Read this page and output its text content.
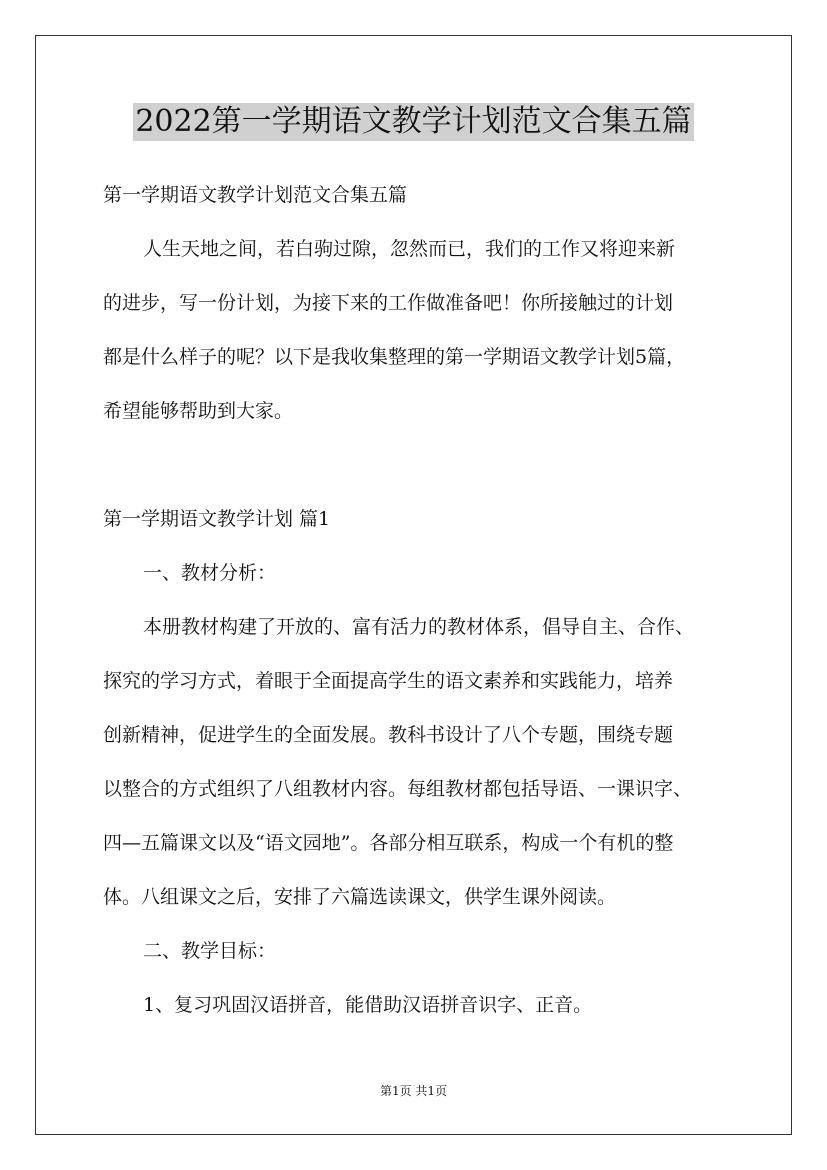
2022第一学期语文教学计划范文合集五篇
第一学期语文教学计划范文合集五篇
人生天地之间，若白驹过隙，忽然而已，我们的工作又将迎来新
的进步，写一份计划，为接下来的工作做准备吧！你所接触过的计划
都是什么样子的呢？以下是我收集整理的第一学期语文教学计划5篇，
希望能够帮助到大家。
第一学期语文教学计划 篇1
一、教材分析：
本册教材构建了开放的、富有活力的教材体系，倡导自主、合作、
探究的学习方式，着眼于全面提高学生的语文素养和实践能力，培养
创新精神，促进学生的全面发展。教科书设计了八个专题，围绕专题
以整合的方式组织了八组教材内容。每组教材都包括导语、一课识字、
四—五篇课文以及“语文园地”。各部分相互联系，构成一个有机的整
体。八组课文之后，安排了六篇选读课文，供学生课外阅读。
二、教学目标：
1、复习巩固汉语拼音，能借助汉语拼音识字、正音。
第1页 共1页
